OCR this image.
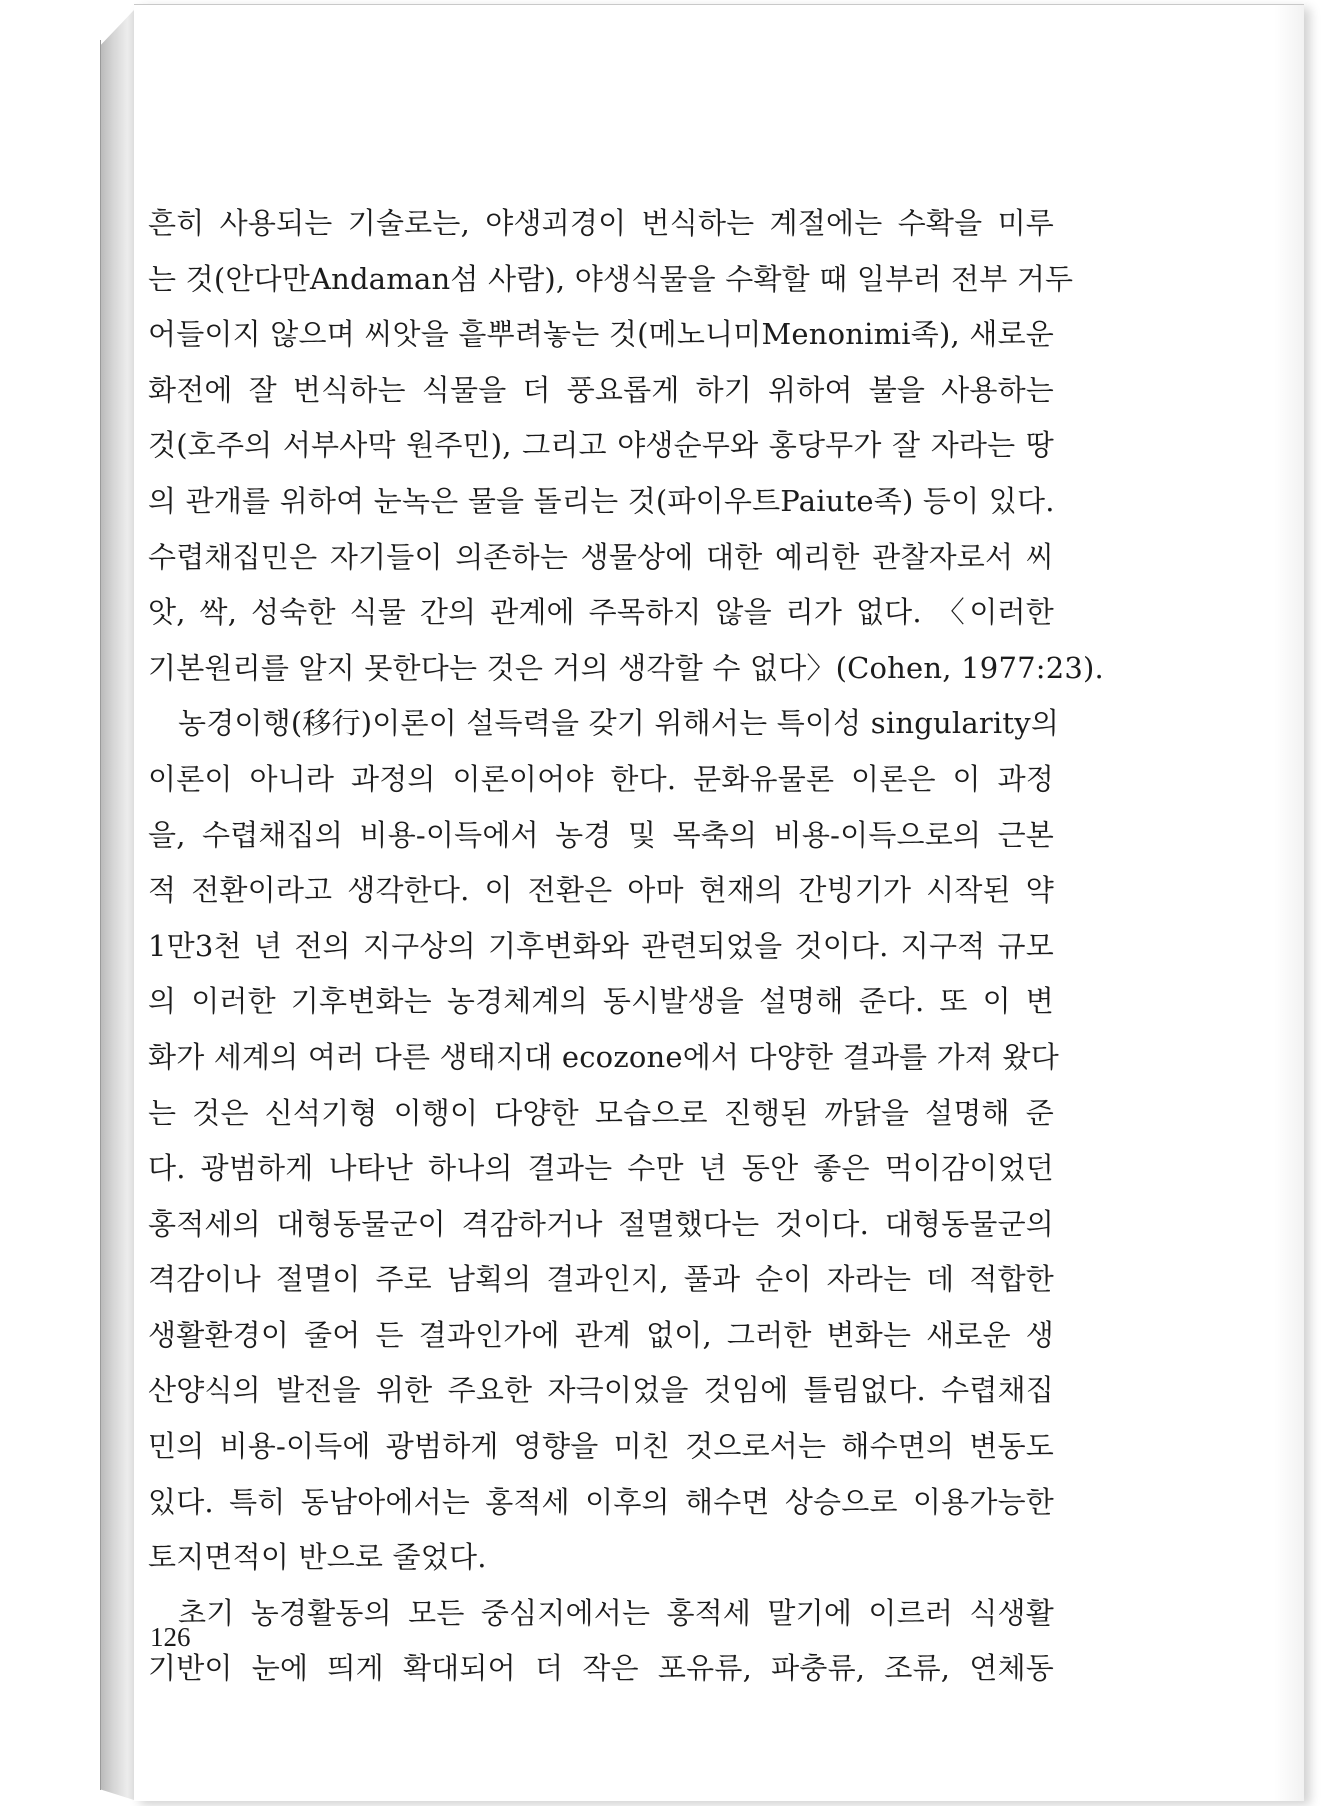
흔히 사용되는 기술로는, 야생괴경이 번식하는 계절에는 수확을 미루
는 것(안다만Andaman섬 사람), 야생식물을 수확할 때 일부러 전부 거두
어들이지 않으며 씨앗을 흩뿌려놓는 것(메노니미Menonimi족), 새로운
화전에 잘 번식하는 식물을 더 풍요롭게 하기 위하여 불을 사용하는
것(호주의 서부사막 원주민), 그리고 야생순무와 홍당무가 잘 자라는 땅
의 관개를 위하여 눈녹은 물을 돌리는 것(파이우트Paiute족) 등이 있다.
수렵채집민은 자기들이 의존하는 생물상에 대한 예리한 관찰자로서 씨
앗, 싹, 성숙한 식물 간의 관계에 주목하지 않을 리가 없다. 〈이러한
기본원리를 알지 못한다는 것은 거의 생각할 수 없다〉(Cohen, 1977:23).
농경이행(移行)이론이 설득력을 갖기 위해서는 특이성 singularity의
이론이 아니라 과정의 이론이어야 한다. 문화유물론 이론은 이 과정
을, 수렵채집의 비용-이득에서 농경 및 목축의 비용-이득으로의 근본
적 전환이라고 생각한다. 이 전환은 아마 현재의 간빙기가 시작된 약
1만3천 년 전의 지구상의 기후변화와 관련되었을 것이다. 지구적 규모
의 이러한 기후변화는 농경체계의 동시발생을 설명해 준다. 또 이 변
화가 세계의 여러 다른 생태지대 ecozone에서 다양한 결과를 가져 왔다
는 것은 신석기형 이행이 다양한 모습으로 진행된 까닭을 설명해 준
다. 광범하게 나타난 하나의 결과는 수만 년 동안 좋은 먹이감이었던
홍적세의 대형동물군이 격감하거나 절멸했다는 것이다. 대형동물군의
격감이나 절멸이 주로 남획의 결과인지, 풀과 순이 자라는 데 적합한
생활환경이 줄어 든 결과인가에 관계 없이, 그러한 변화는 새로운 생
산양식의 발전을 위한 주요한 자극이었을 것임에 틀림없다. 수렵채집
민의 비용-이득에 광범하게 영향을 미친 것으로서는 해수면의 변동도
있다. 특히 동남아에서는 홍적세 이후의 해수면 상승으로 이용가능한
토지면적이 반으로 줄었다.
초기 농경활동의 모든 중심지에서는 홍적세 말기에 이르러 식생활
기반이 눈에 띄게 확대되어 더 작은 포유류, 파충류, 조류, 연체동
126
